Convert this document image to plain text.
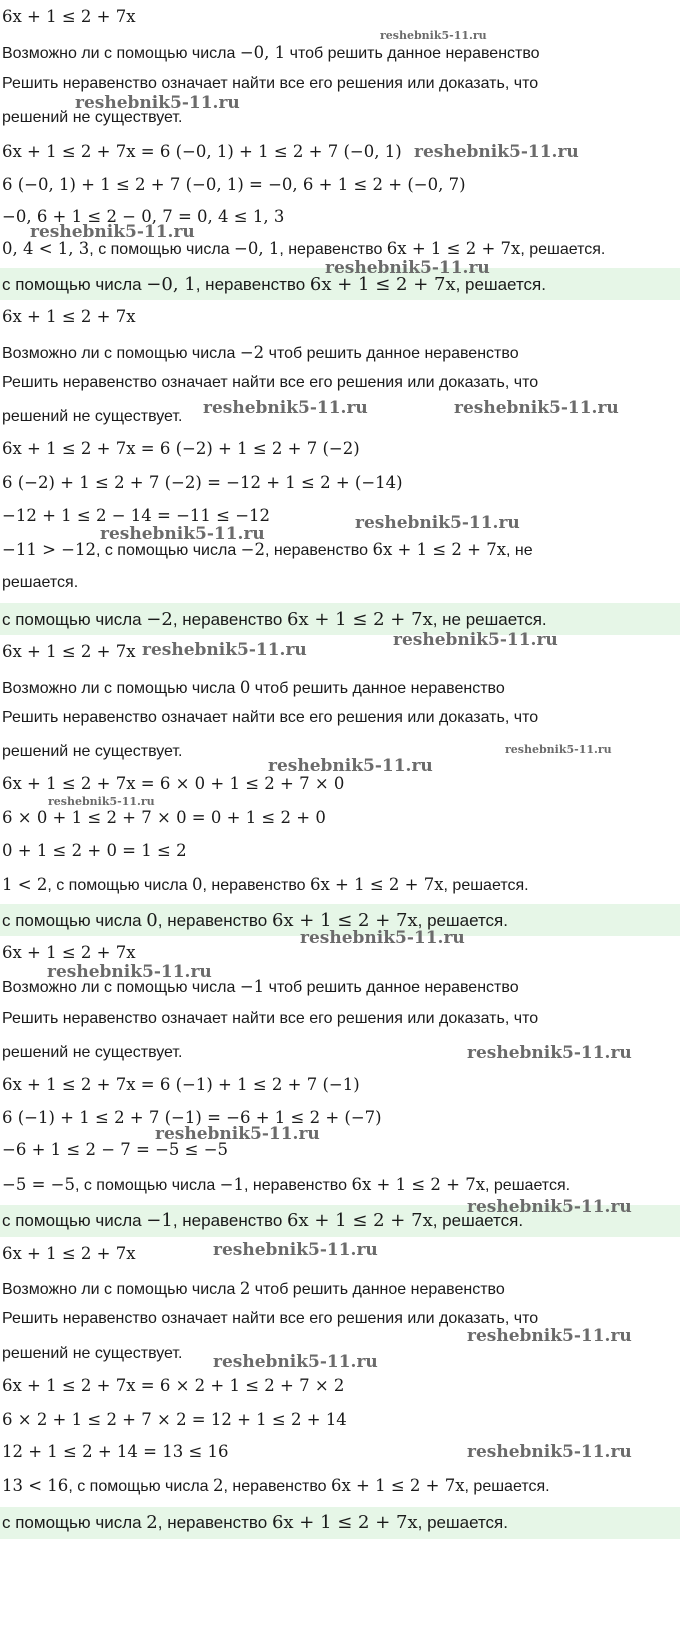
6x + 1 ≤ 2 + 7x
Возможно ли с помощью числа −0, 1 чтоб решить данное неравенство
Решить неравенство означает найти все его решения или доказать, что
решений не существует.
6x + 1 ≤ 2 + 7x = 6 (−0, 1) + 1 ≤ 2 + 7 (−0, 1)
6 (−0, 1) + 1 ≤ 2 + 7 (−0, 1) = −0, 6 + 1 ≤ 2 + (−0, 7)
−0, 6 + 1 ≤ 2 − 0, 7 = 0, 4 ≤ 1, 3
0, 4 < 1, 3, с помощью числа −0, 1, неравенство 6x + 1 ≤ 2 + 7x, решается.
с помощью числа −0, 1, неравенство 6x + 1 ≤ 2 + 7x, решается.
6x + 1 ≤ 2 + 7x
Возможно ли с помощью числа −2 чтоб решить данное неравенство
Решить неравенство означает найти все его решения или доказать, что
решений не существует.
6x + 1 ≤ 2 + 7x = 6 (−2) + 1 ≤ 2 + 7 (−2)
6 (−2) + 1 ≤ 2 + 7 (−2) = −12 + 1 ≤ 2 + (−14)
−12 + 1 ≤ 2 − 14 = −11 ≤ −12
−11 > −12, с помощью числа −2, неравенство 6x + 1 ≤ 2 + 7x, не
решается.
с помощью числа −2, неравенство 6x + 1 ≤ 2 + 7x, не решается.
6x + 1 ≤ 2 + 7x
Возможно ли с помощью числа 0 чтоб решить данное неравенство
Решить неравенство означает найти все его решения или доказать, что
решений не существует.
6x + 1 ≤ 2 + 7x = 6 × 0 + 1 ≤ 2 + 7 × 0
6 × 0 + 1 ≤ 2 + 7 × 0 = 0 + 1 ≤ 2 + 0
0 + 1 ≤ 2 + 0 = 1 ≤ 2
1 < 2, с помощью числа 0, неравенство 6x + 1 ≤ 2 + 7x, решается.
с помощью числа 0, неравенство 6x + 1 ≤ 2 + 7x, решается.
6x + 1 ≤ 2 + 7x
Возможно ли с помощью числа −1 чтоб решить данное неравенство
Решить неравенство означает найти все его решения или доказать, что
решений не существует.
6x + 1 ≤ 2 + 7x = 6 (−1) + 1 ≤ 2 + 7 (−1)
6 (−1) + 1 ≤ 2 + 7 (−1) = −6 + 1 ≤ 2 + (−7)
−6 + 1 ≤ 2 − 7 = −5 ≤ −5
−5 = −5, с помощью числа −1, неравенство 6x + 1 ≤ 2 + 7x, решается.
с помощью числа −1, неравенство 6x + 1 ≤ 2 + 7x, решается.
6x + 1 ≤ 2 + 7x
Возможно ли с помощью числа 2 чтоб решить данное неравенство
Решить неравенство означает найти все его решения или доказать, что
решений не существует.
6x + 1 ≤ 2 + 7x = 6 × 2 + 1 ≤ 2 + 7 × 2
6 × 2 + 1 ≤ 2 + 7 × 2 = 12 + 1 ≤ 2 + 14
12 + 1 ≤ 2 + 14 = 13 ≤ 16
13 < 16, с помощью числа 2, неравенство 6x + 1 ≤ 2 + 7x, решается.
с помощью числа 2, неравенство 6x + 1 ≤ 2 + 7x, решается.
reshebnik5-11.ru
reshebnik5-11.ru
reshebnik5-11.ru
reshebnik5-11.ru
reshebnik5-11.ru
reshebnik5-11.ru	reshebnik5-11.ru
reshebnik5-11.ru
reshebnik5-11.ru
reshebnik5-11.ru
reshebnik5-11.ru
reshebnik5-11.ru
reshebnik5-11.ru
reshebnik5-11.ru
reshebnik5-11.ru
reshebnik5-11.ru
reshebnik5-11.ru
reshebnik5-11.ru
reshebnik5-11.ru
reshebnik5-11.ru
reshebnik5-11.ru
reshebnik5-11.ru
reshebnik5-11.ru
